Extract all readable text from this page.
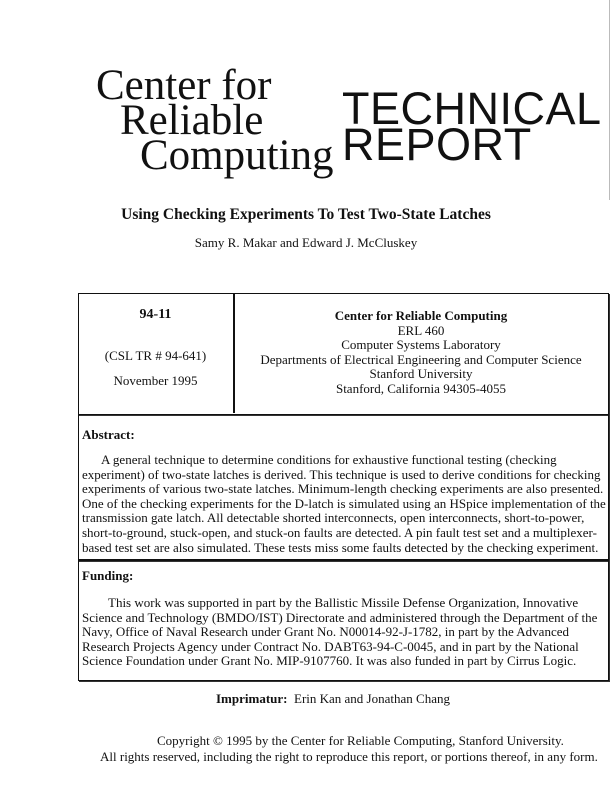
Center for
Reliable
Computing
TECHNICAL
REPORT
Using Checking Experiments To Test Two-State Latches
Samy R. Makar and Edward J. McCluskey
94-11
(CSL TR # 94-641)
November 1995
Center for Reliable Computing
ERL 460
Computer Systems Laboratory
Departments of Electrical Engineering and Computer Science
Stanford University
Stanford, California 94305-4055
Abstract:
A general technique to determine conditions for exhaustive functional testing (checking
experiment) of two-state latches is derived. This technique is used to derive conditions for checking
experiments of various two-state latches. Minimum-length checking experiments are also presented.
One of the checking experiments for the D-latch is simulated using an HSpice implementation of the
transmission gate latch. All detectable shorted interconnects, open interconnects, short-to-power,
short-to-ground, stuck-open, and stuck-on faults are detected. A pin fault test set and a multiplexer-
based test set are also simulated. These tests miss some faults detected by the checking experiment.
Funding:
This work was supported in part by the Ballistic Missile Defense Organization, Innovative
Science and Technology (BMDO/IST) Directorate and administered through the Department of the
Navy, Office of Naval Research under Grant No. N00014-92-J-1782, in part by the Advanced
Research Projects Agency under Contract No. DABT63-94-C-0045, and in part by the National
Science Foundation under Grant No. MIP-9107760. It was also funded in part by Cirrus Logic.
Imprimatur: Erin Kan and Jonathan Chang
Copyright © 1995 by the Center for Reliable Computing, Stanford University.
All rights reserved, including the right to reproduce this report, or portions thereof, in any form.
